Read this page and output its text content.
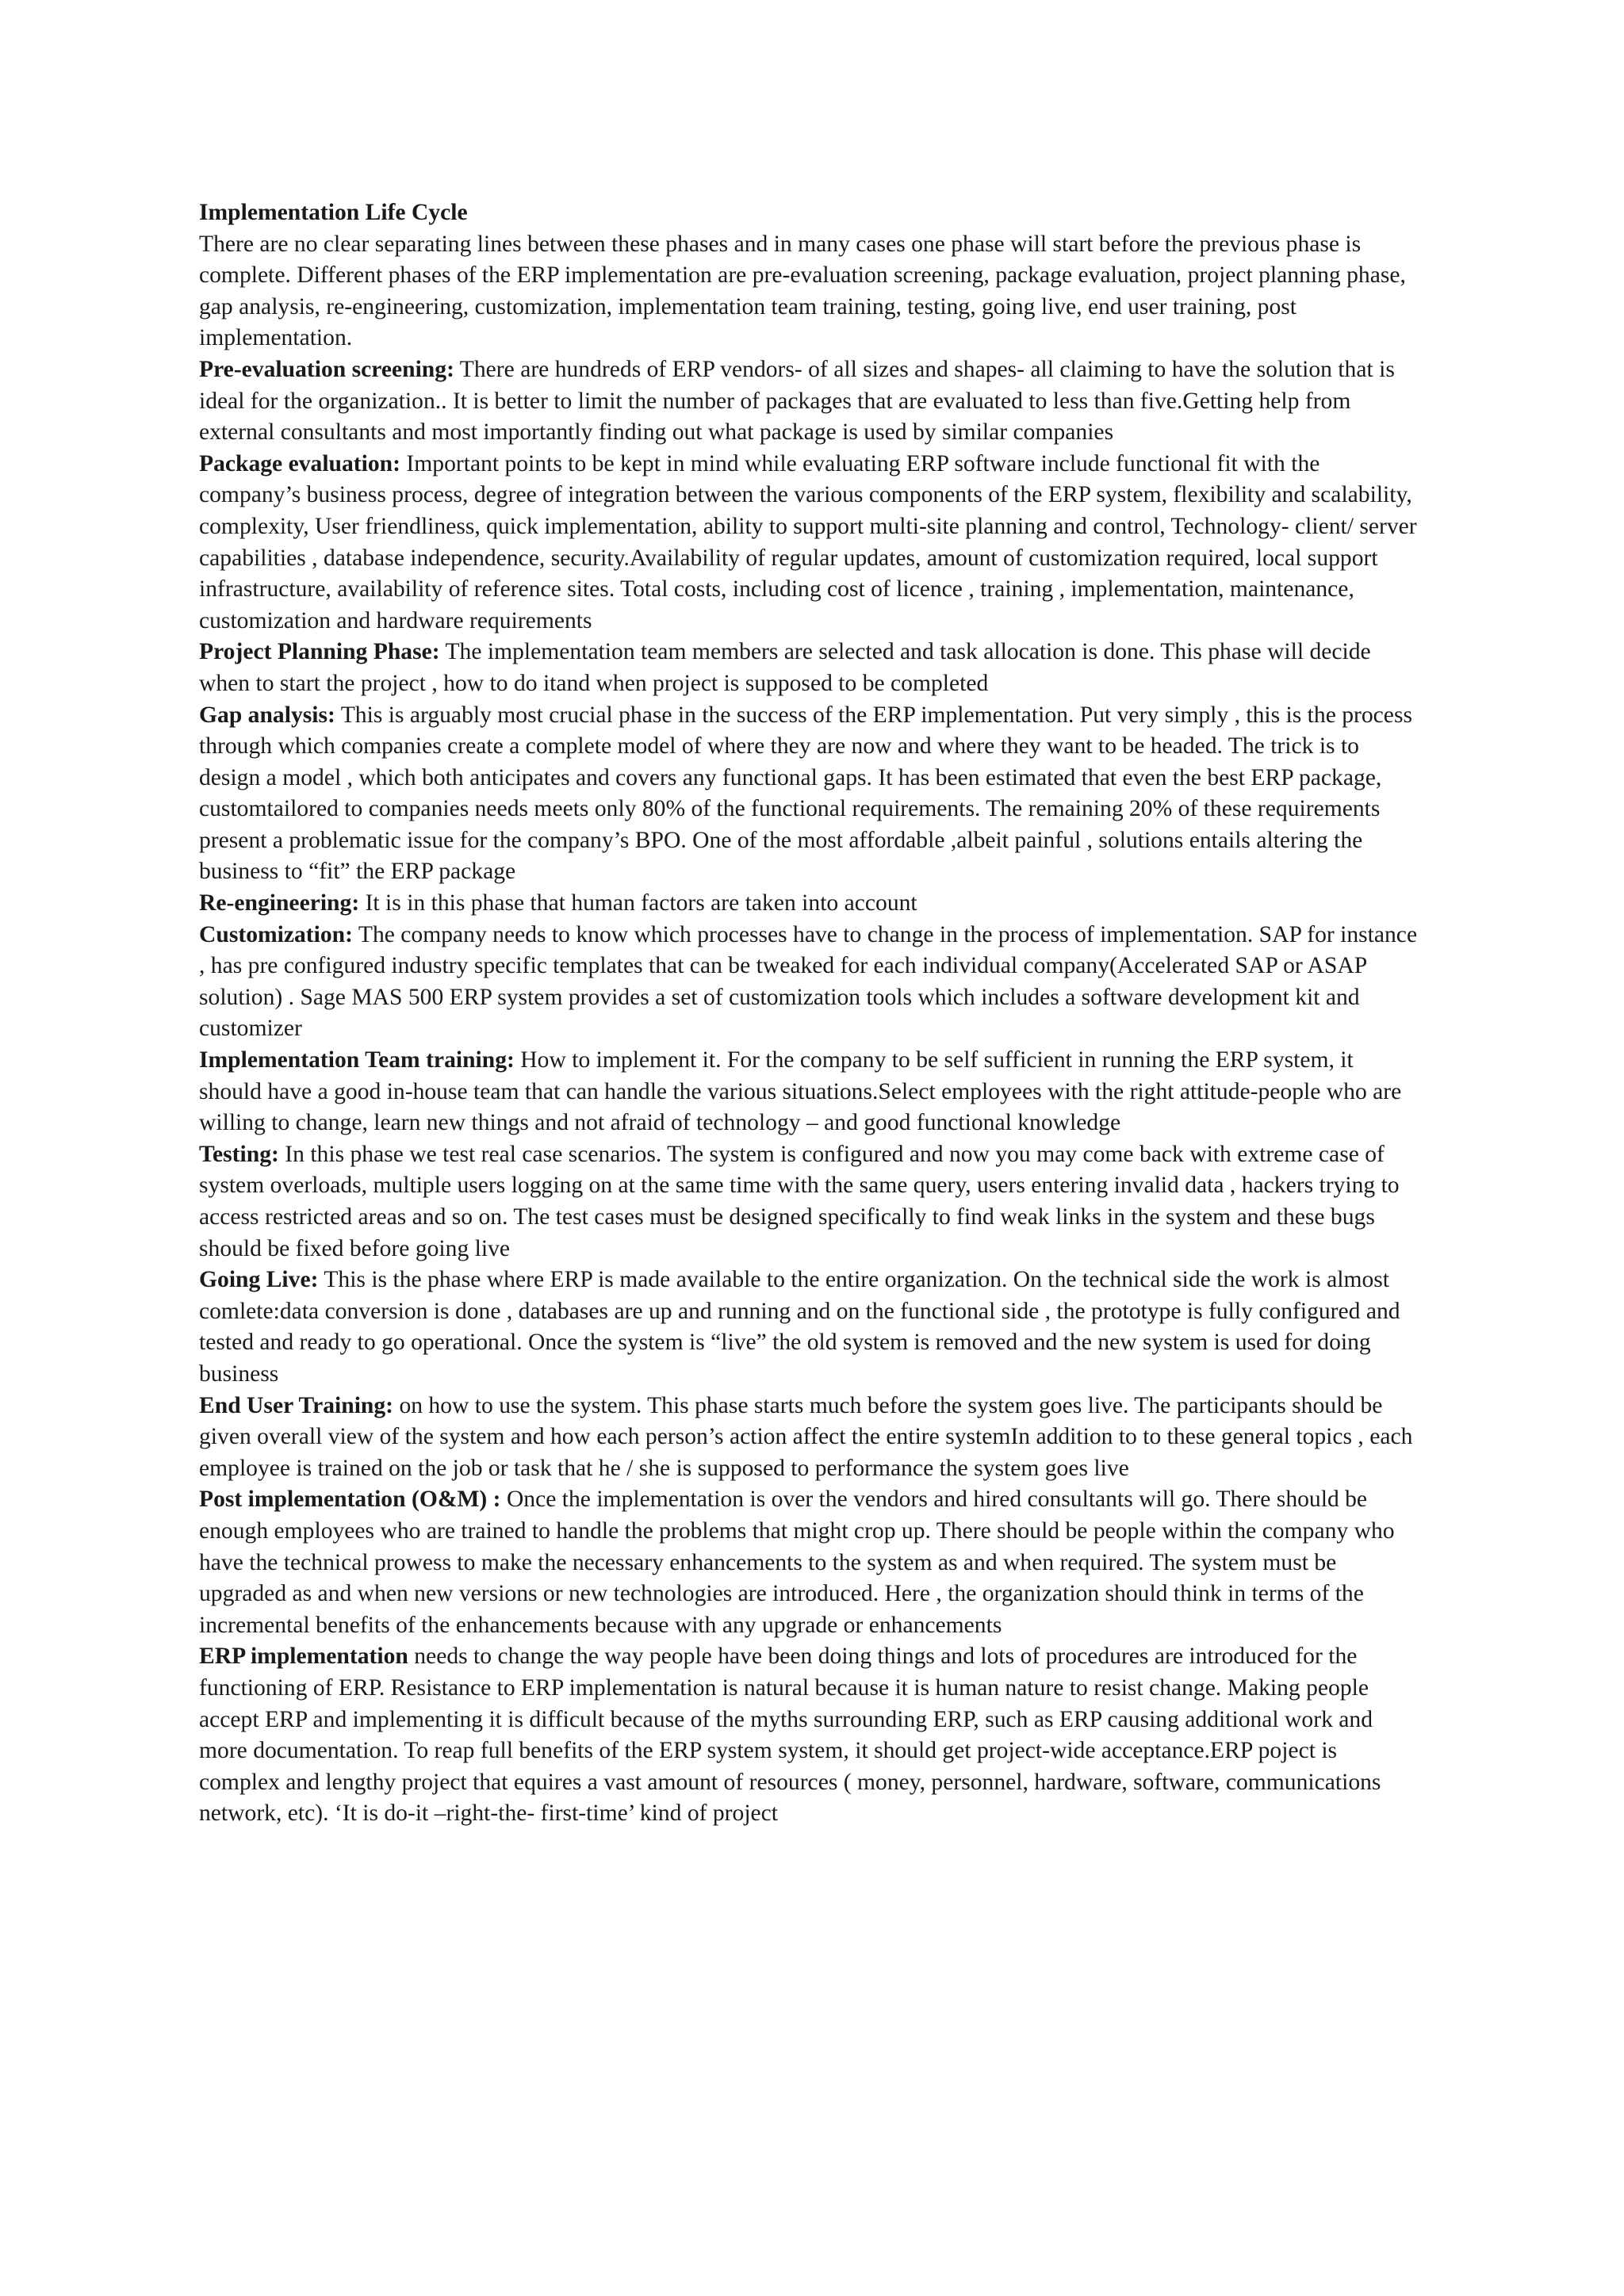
Implementation Life Cycle

There are no clear separating lines between these phases and in many cases one phase will start before the previous phase is complete. Different phases of the ERP implementation are pre-evaluation screening, package evaluation, project planning phase, gap analysis, re-engineering, customization, implementation team training, testing, going live, end user training, post implementation.

Pre-evaluation screening: There are hundreds of ERP vendors- of all sizes and shapes- all claiming to have the solution that is ideal for the organization.. It is better to limit the number of packages that are evaluated to less than five.Getting help from external consultants and most importantly finding out what package is used by similar companies

Package evaluation: Important points to be kept in mind while evaluating ERP software include functional fit with the company’s business process, degree of integration between the various components of the ERP system, flexibility and scalability, complexity, User friendliness, quick implementation, ability to support multi-site planning and control, Technology- client/ server capabilities , database independence, security.Availability of regular updates, amount of customization required, local support infrastructure, availability of reference sites. Total costs, including cost of licence , training , implementation, maintenance, customization and hardware requirements

Project Planning Phase: The implementation team members are selected and task allocation is done. This phase will decide when to start the project , how to do itand when project is supposed to be completed

Gap analysis: This is arguably most crucial phase in the success of the ERP implementation. Put very simply , this is the process through which companies create a complete model of where they are now and where they want to be headed. The trick is to design a model , which both anticipates and covers any functional gaps. It has been estimated that even the best ERP package, customtailored to companies needs meets only 80% of the functional requirements. The remaining 20% of these requirements present a problematic issue for the company’s BPO. One of the most affordable ,albeit painful , solutions entails altering the business to “fit” the ERP package

Re-engineering: It is in this phase that human factors are taken into account

Customization: The company needs to know which processes have to change in the process of implementation. SAP for instance , has pre configured industry specific templates that can be tweaked for each individual company(Accelerated SAP or ASAP solution) . Sage MAS 500 ERP system provides a set of customization tools which includes a software development kit and customizer

Implementation Team training: How to implement it. For the company to be self sufficient in running the ERP system, it should have a good in-house team that can handle the various situations.Select employees with the right attitude-people who are willing to change, learn new things and not afraid of technology – and good functional knowledge

Testing: In this phase we test real case scenarios. The system is configured and now you may come back with extreme case of system overloads, multiple users logging on at the same time with the same query, users entering invalid data , hackers trying to access restricted areas and so on. The test cases must be designed specifically to find weak links in the system and these bugs should be fixed before going live

Going Live: This is the phase where ERP is made available to the entire organization. On the technical side the work is almost comlete:data conversion is done , databases are up and running and on the functional side , the prototype is fully configured and tested and ready to go operational. Once the system is “live” the old system is removed and the new system is used for doing business

End User Training: on how to use the system. This phase starts much before the system goes live. The participants should be given overall view of the system and how each person’s action affect the entire systemIn addition to to these general topics , each employee is trained on the job or task that he / she is supposed to performance the system goes live

Post implementation (O&M) : Once the implementation is over the vendors and hired consultants will go. There should be enough employees who are trained to handle the problems that might crop up. There should be people within the company who have the technical prowess to make the necessary enhancements to the system as and when required. The system must be upgraded as and when new versions or new technologies are introduced. Here , the organization should think in terms of the incremental benefits of the enhancements because with any upgrade or enhancements

ERP implementation needs to change the way people have been doing things and lots of procedures are introduced for the functioning of ERP. Resistance to ERP implementation is natural because it is human nature to resist change. Making people accept ERP and implementing it is difficult because of the myths surrounding ERP, such as ERP causing additional work and more documentation. To reap full benefits of the ERP system system, it should get project-wide acceptance.ERP poject is complex and lengthy project that equires a vast amount of resources ( money, personnel, hardware, software, communications network, etc). ‘It is do-it –right-the- first-time’ kind of project
